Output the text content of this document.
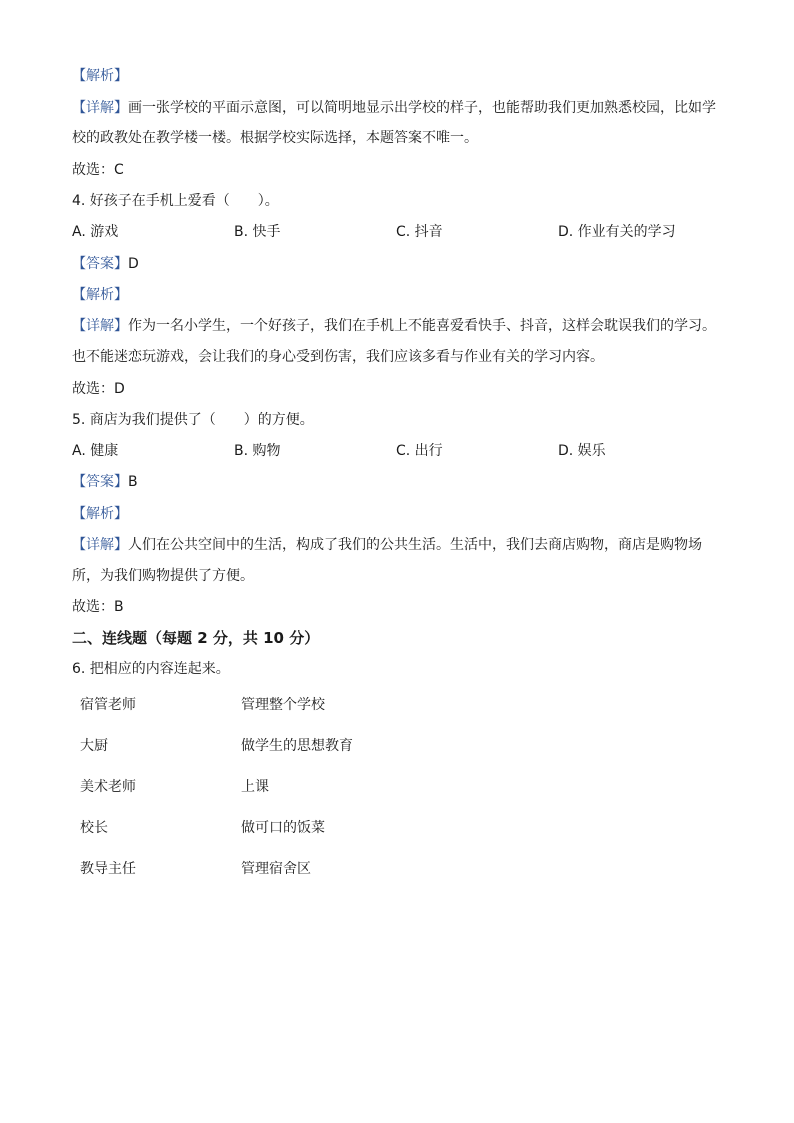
【解析】
【详解】画一张学校的平面示意图，可以简明地显示出学校的样子，也能帮助我们更加熟悉校园，比如学
校的政教处在教学楼一楼。根据学校实际选择，本题答案不唯一。
故选：C
4. 好孩子在手机上爱看（　　）。
A. 游戏	B. 快手	C. 抖音	D. 作业有关的学习
【答案】D
【解析】
【详解】作为一名小学生，一个好孩子，我们在手机上不能喜爱看快手、抖音，这样会耽误我们的学习。
也不能迷恋玩游戏，会让我们的身心受到伤害，我们应该多看与作业有关的学习内容。
故选：D
5. 商店为我们提供了（　　）的方便。
A. 健康	B. 购物	C. 出行	D. 娱乐
【答案】B
【解析】
【详解】人们在公共空间中的生活，构成了我们的公共生活。生活中，我们去商店购物，商店是购物场
所，为我们购物提供了方便。
故选：B
二、连线题（每题 2 分，共 10 分）
6. 把相应的内容连起来。
宿管老师	管理整个学校
大厨	做学生的思想教育
美术老师	上课
校长	做可口的饭菜
教导主任	管理宿舍区
